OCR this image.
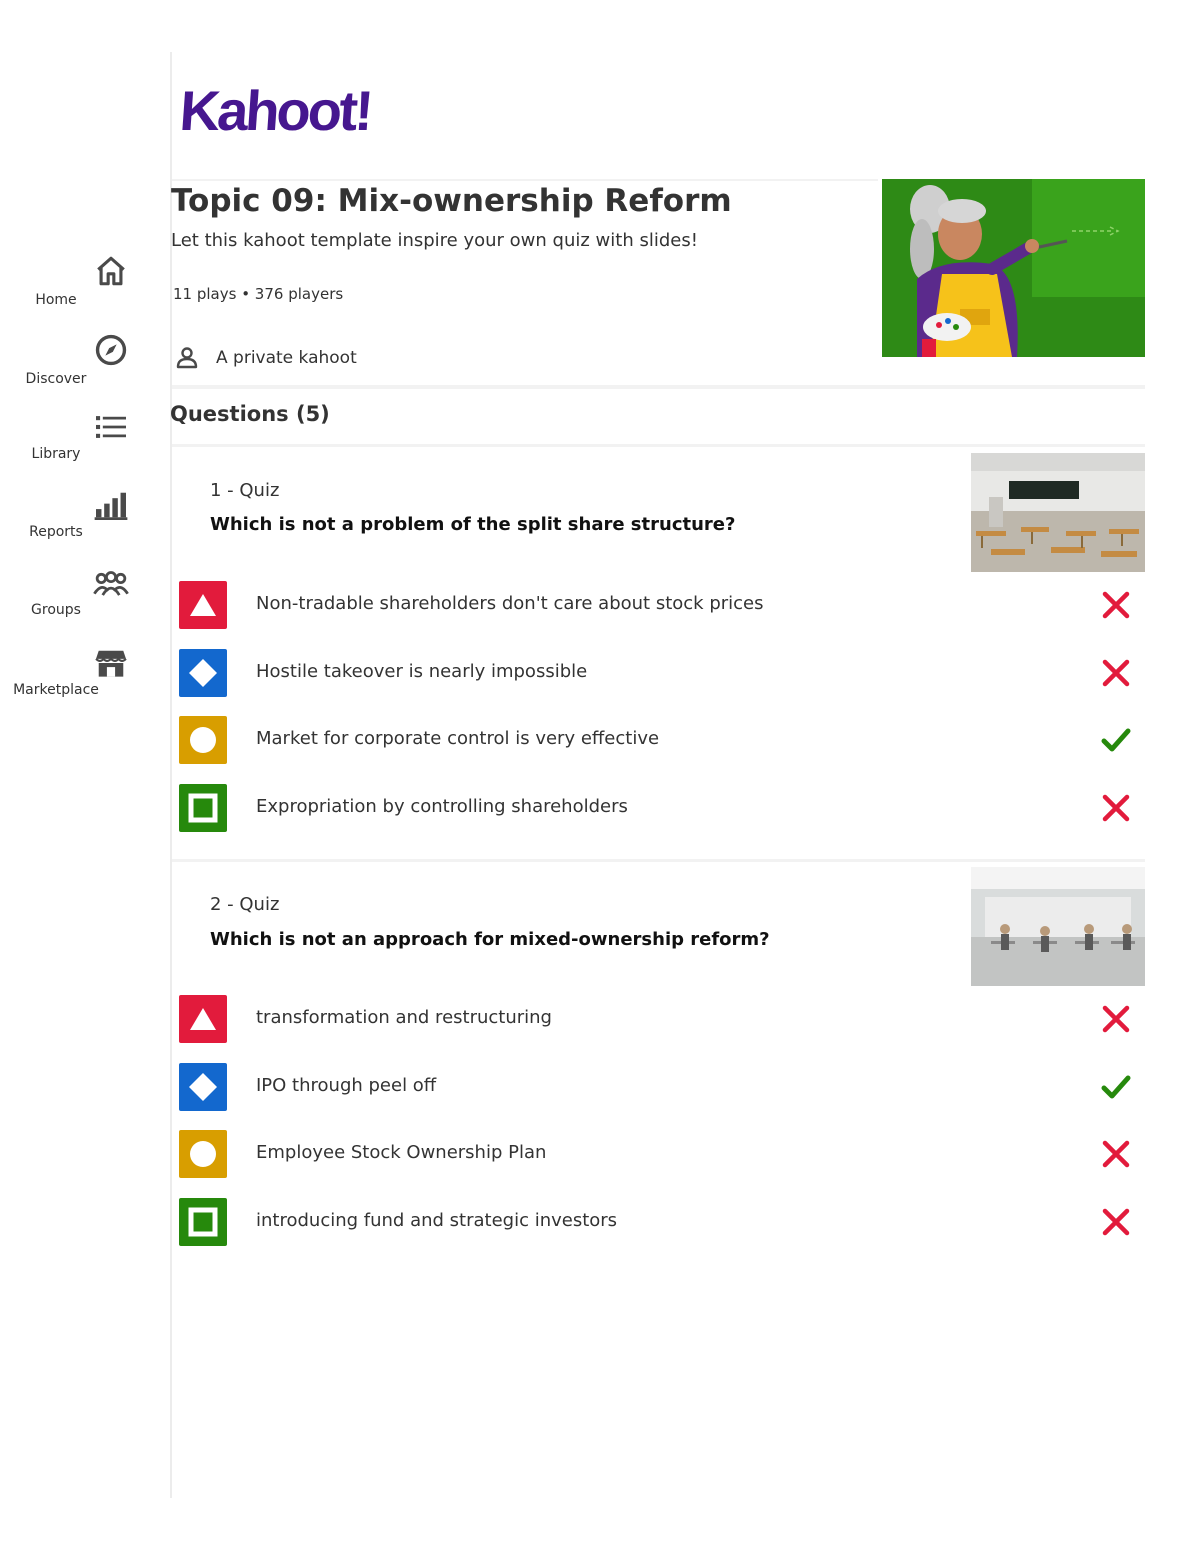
Home
Discover
Library
Reports
Groups
Marketplace
Kahoot!
Topic 09: Mix-ownership Reform
Let this kahoot template inspire your own quiz with slides!
11 plays • 376 players
A private kahoot
Questions (5)
1 - Quiz
Which is not a problem of the split share structure?
Non-tradable shareholders don't care about stock prices
Hostile takeover is nearly impossible
Market for corporate control is very effective
Expropriation by controlling shareholders
2 - Quiz
Which is not an approach for mixed-ownership reform?
transformation and restructuring
IPO through peel off
Employee Stock Ownership Plan
introducing fund and strategic investors
